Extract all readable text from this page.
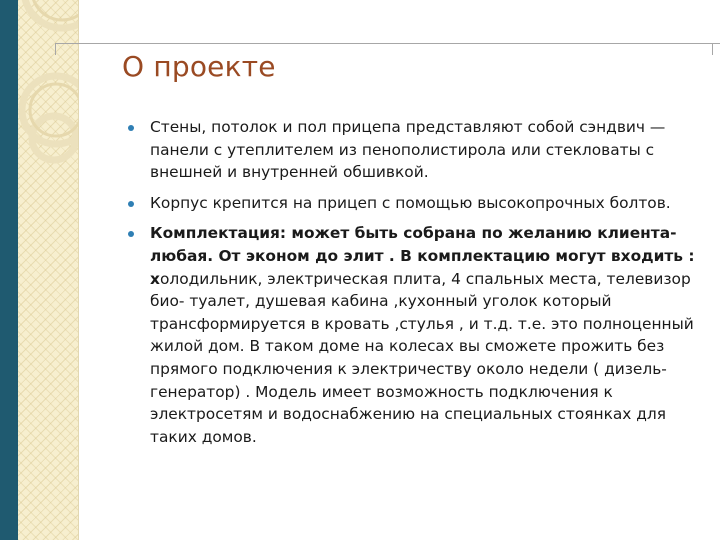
О проекте
Стены, потолок и пол прицепа представляют собой сэндвич — панели с утеплителем из пенополистирола или стекловаты с внешней и внутренней обшивкой.
Корпус крепится на прицеп с помощью высокопрочных болтов.
Комплектация: может быть собрана по желанию клиента- любая. От эконом до элит . В комплектацию могут входить : холодильник, электрическая плита, 4 спальных места, телевизор био- туалет, душевая кабина ,кухонный уголок который трансформируется в кровать ,стулья , и т.д. т.е. это полноценный жилой дом. В таком доме на колесах вы сможете прожить без прямого подключения к электричеству около недели ( дизель-генератор) . Модель имеет возможность подключения к электросетям и водоснабжению на специальных стоянках для таких домов.
